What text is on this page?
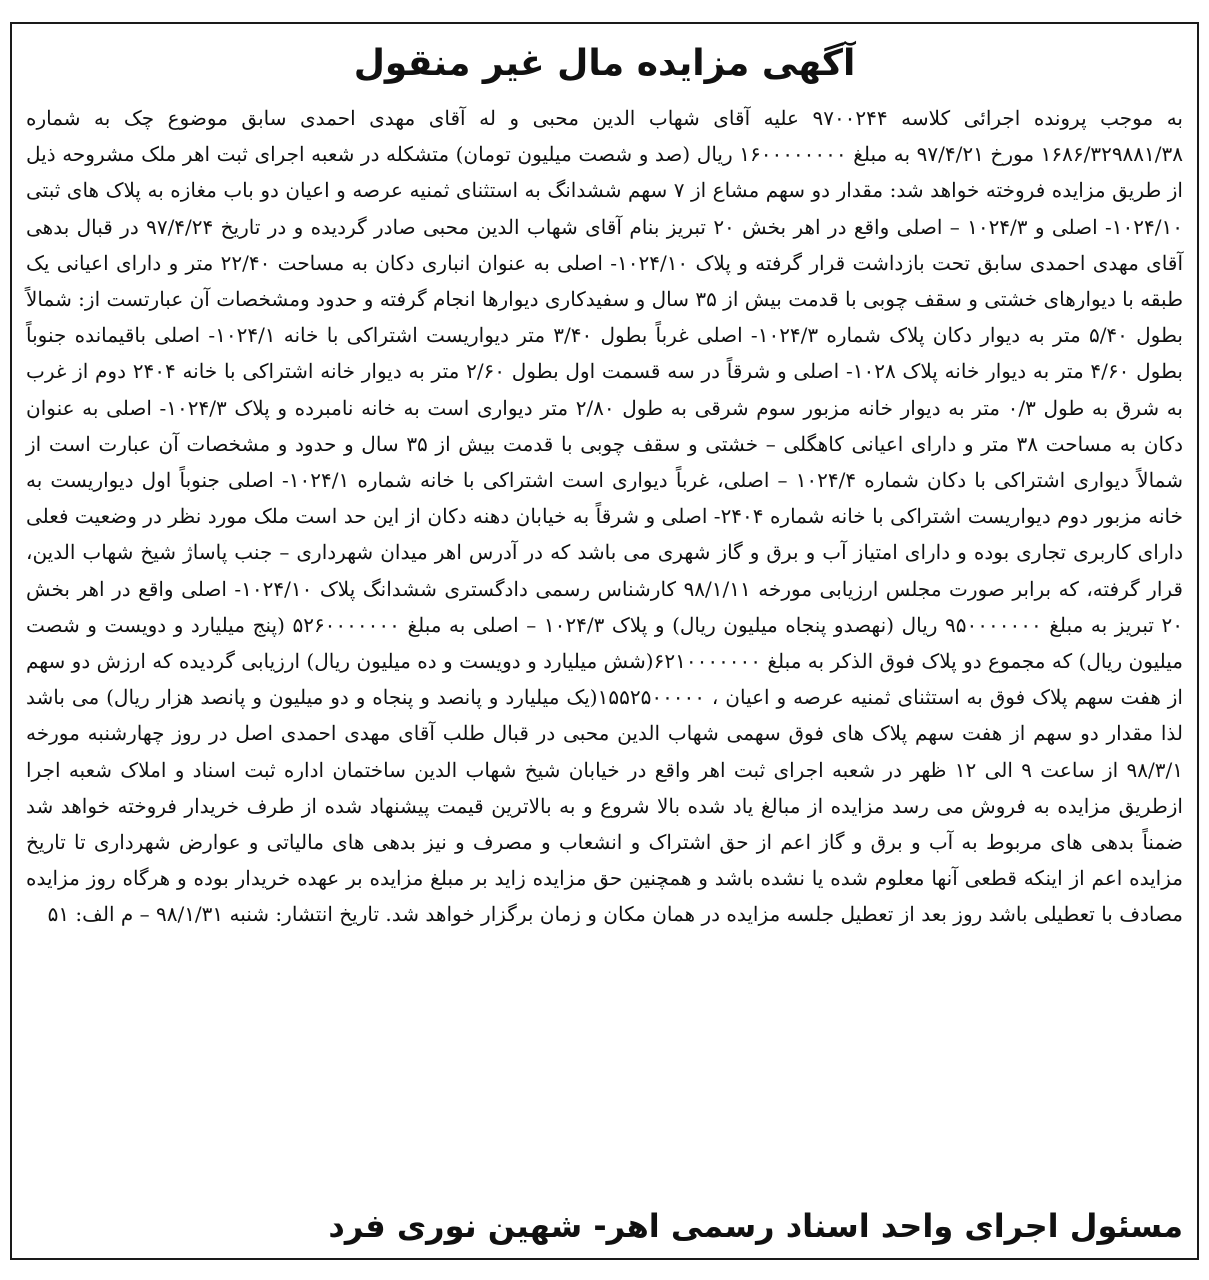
آگهی مزایده مال غیر منقول

به موجب پرونده اجرائی کلاسه ۹۷۰۰۲۴۴ علیه آقای شهاب الدین محبی و له آقای مهدی احمدی سابق موضوع چک به شماره ۱۶۸۶/۳۲۹۸۸۱/۳۸ مورخ ۹۷/۴/۲۱ به مبلغ ۱۶۰۰۰۰۰۰۰۰ ریال (صد و شصت میلیون تومان) متشکله در شعبه اجرای ثبت اهر ملک مشروحه ذیل از طریق مزایده فروخته خواهد شد: مقدار دو سهم مشاع از ۷ سهم ششدانگ به استثنای ثمنیه عرصه و اعیان دو باب مغازه به پلاک های ثبتی ۱۰۲۴/۱۰- اصلی و ۱۰۲۴/۳ – اصلی واقع در اهر بخش ۲۰ تبریز بنام آقای شهاب الدین محبی صادر گردیده و در تاریخ ۹۷/۴/۲۴ در قبال بدهی آقای مهدی احمدی سابق تحت بازداشت قرار گرفته و پلاک ۱۰۲۴/۱۰- اصلی به عنوان انباری دکان به مساحت ۲۲/۴۰ متر و دارای اعیانی یک طبقه با دیوارهای خشتی و سقف چوبی با قدمت بیش از ۳۵ سال و سفیدکاری دیوارها انجام گرفته و حدود ومشخصات آن عبارتست از: شمالاً بطول ۵/۴۰ متر به دیوار دکان پلاک شماره ۱۰۲۴/۳- اصلی غرباً بطول ۳/۴۰ متر دیواریست اشتراکی با خانه ۱۰۲۴/۱- اصلی باقیمانده جنوباً بطول ۴/۶۰ متر به دیوار خانه پلاک ۱۰۲۸- اصلی و شرقاً در سه قسمت اول بطول ۲/۶۰ متر به دیوار خانه اشتراکی با خانه ۲۴۰۴ دوم از غرب به شرق به طول ۰/۳ متر به دیوار خانه مزبور سوم شرقی به طول ۲/۸۰ متر دیواری است به خانه نامبرده و پلاک ۱۰۲۴/۳- اصلی به عنوان دکان به مساحت ۳۸ متر و دارای اعیانی کاهگلی – خشتی و سقف چوبی با قدمت بیش از ۳۵ سال و حدود و مشخصات آن عبارت است از شمالاً دیواری اشتراکی با دکان شماره ۱۰۲۴/۴ – اصلی، غرباً دیواری است اشتراکی با خانه شماره ۱۰۲۴/۱- اصلی جنوباً اول دیواریست به خانه مزبور دوم دیواریست اشتراکی با خانه شماره ۲۴۰۴- اصلی و شرقاً به خیابان دهنه دکان از این حد است ملک مورد نظر در وضعیت فعلی دارای کاربری تجاری بوده و دارای امتیاز آب و برق و گاز شهری می باشد که در آدرس اهر میدان شهرداری – جنب پاساژ شیخ شهاب الدین، قرار گرفته، که برابر صورت مجلس ارزیابی مورخه ۹۸/۱/۱۱ کارشناس رسمی دادگستری ششدانگ پلاک ۱۰۲۴/۱۰- اصلی واقع در اهر بخش ۲۰ تبریز به مبلغ ۹۵۰۰۰۰۰۰۰ ریال (نهصدو پنجاه میلیون ریال) و پلاک ۱۰۲۴/۳ – اصلی به مبلغ ۵۲۶۰۰۰۰۰۰۰ (پنج میلیارد و دویست و شصت میلیون ریال) که مجموع دو پلاک فوق الذکر به مبلغ ۶۲۱۰۰۰۰۰۰۰(شش میلیارد و دویست و ده میلیون ریال) ارزیابی گردیده که ارزش دو سهم از هفت سهم پلاک فوق به استثنای ثمنیه عرصه و اعیان ، ۱۵۵۲۵۰۰۰۰۰(یک میلیارد و پانصد و پنجاه و دو میلیون و پانصد هزار ریال) می باشد لذا مقدار دو سهم از هفت سهم پلاک های فوق سهمی شهاب الدین محبی در قبال طلب آقای مهدی احمدی اصل در روز چهارشنبه مورخه ۹۸/۳/۱ از ساعت ۹ الی ۱۲ ظهر در شعبه اجرای ثبت اهر واقع در خیابان شیخ شهاب الدین ساختمان اداره ثبت اسناد و املاک شعبه اجرا ازطریق مزایده به فروش می رسد مزایده از مبالغ یاد شده بالا شروع و به بالاترین قیمت پیشنهاد شده از طرف خریدار فروخته خواهد شد ضمناً بدهی های مربوط به آب و برق و گاز اعم از حق اشتراک و انشعاب و مصرف و نیز بدهی های مالیاتی و عوارض شهرداری تا تاریخ مزایده اعم از اینکه قطعی آنها معلوم شده یا نشده باشد و همچنین حق مزایده زاید بر مبلغ مزایده بر عهده خریدار بوده و هرگاه روز مزایده مصادف با تعطیلی باشد روز بعد از تعطیل جلسه مزایده در همان مکان و زمان برگزار خواهد شد. تاریخ انتشار: شنبه ۹۸/۱/۳۱ – م الف: ۵۱

مسئول اجرای واحد اسناد رسمی اهر- شهین نوری فرد
